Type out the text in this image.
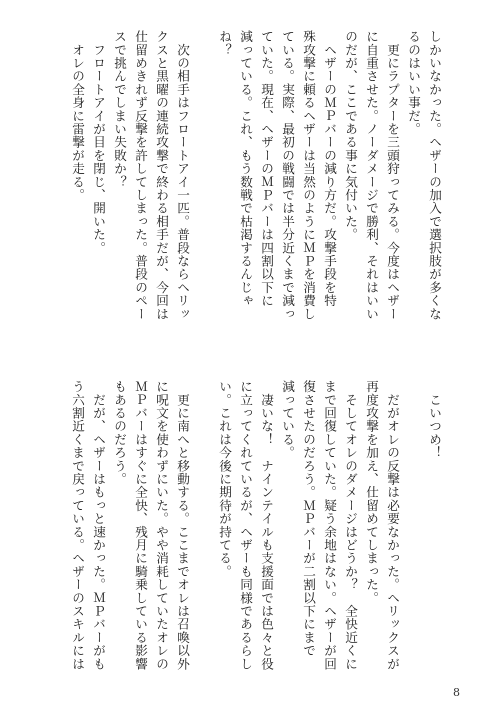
しかいなかった。ヘザーの加入で選択肢が多くな
るのはいい事だ。
　更にラプターを三頭狩ってみる。今度はヘザー
に自重させた。ノーダメージで勝利、それはいい
のだが、ここである事に気付いた。
　ヘザーのＭＰバーの減り方だ。攻撃手段を特
殊攻撃に頼るヘザーは当然のようにＭＰを消費し
ている。実際、最初の戦闘では半分近くまで減っ
ていた。現在、ヘザーのＭＰバーは四割以下に
減っている。これ、もう数戦で枯渇するんじゃ
ね？

　次の相手はフロートアイ一匹。普段ならヘリッ
クスと黒曜の連続攻撃で終わる相手だが、今回は
仕留めきれず反撃を許してしまった。普段のペー
スで挑んでしまい失敗か？
　フロートアイが目を閉じ、開いた。
　オレの全身に雷撃が走る。
　こいつめ！

　だがオレの反撃は必要なかった。ヘリックスが
再度攻撃を加え、仕留めてしまった。
　そしてオレのダメージはどうか？　全快近くに
まで回復していた。疑う余地はない。ヘザーが回
復させたのだろう。ＭＰバーが二割以下にまで
減っている。
　凄いな！　ナインテイルも支援面では色々と役
に立ってくれているが、ヘザーも同様であるらし
い。これは今後に期待が持てる。

　更に南へと移動する。ここまでオレは召喚以外
に呪文を使わずにいた。やや消耗していたオレの
ＭＰバーはすぐに全快、残月に騎乗している影響
もあるのだろう。
　だが、ヘザーはもっと速かった。ＭＰバーがも
う六割近くまで戻っている。ヘザーのスキルには
8
